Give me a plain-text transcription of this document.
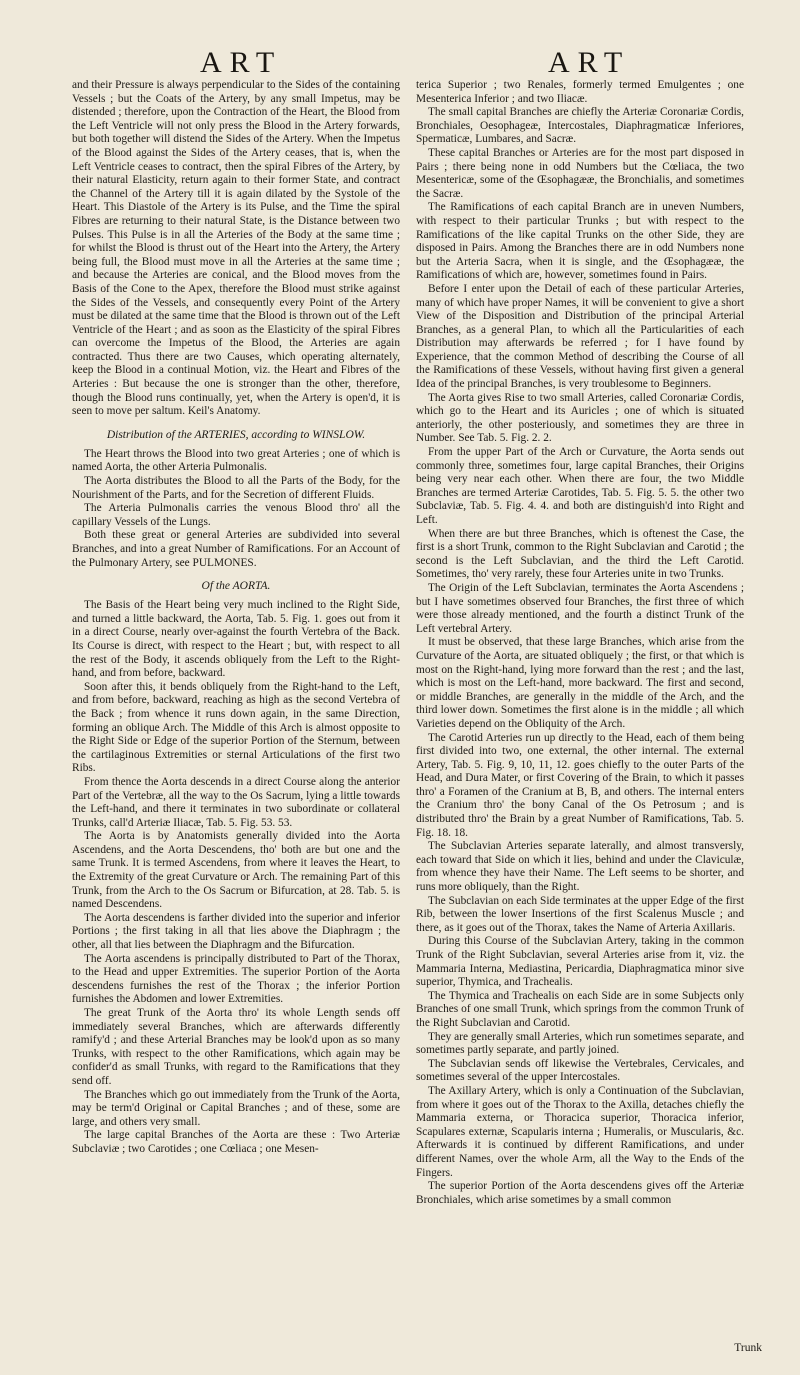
ART	ART

and their Pressure is always perpendicular to the Sides of the containing Vessels ; but the Coats of the Artery, by any small Impetus, may be distended ; therefore, upon the Contraction of the Heart, the Blood from the Left Ventricle will not only press the Blood in the Artery forwards, but both together will distend the Sides of the Artery. When the Impetus of the Blood against the Sides of the Artery ceases, that is, when the Left Ventricle ceases to contract, then the spiral Fibres of the Artery, by their natural Elasticity, return again to their former State, and contract the Channel of the Artery till it is again dilated by the Systole of the Heart. This Diastole of the Artery is its Pulse, and the Time the spiral Fibres are returning to their natural State, is the Distance between two Pulses. This Pulse is in all the Arteries of the Body at the same time ; for whilst the Blood is thrust out of the Heart into the Artery, the Artery being full, the Blood must move in all the Arteries at the same time ; and because the Arteries are conical, and the Blood moves from the Basis of the Cone to the Apex, therefore the Blood must strike against the Sides of the Vessels, and consequently every Point of the Artery must be dilated at the same time that the Blood is thrown out of the Left Ventricle of the Heart ; and as soon as the Elasticity of the spiral Fibres can overcome the Impetus of the Blood, the Arteries are again contracted. Thus there are two Causes, which operating alternately, keep the Blood in a continual Motion, viz. the Heart and Fibres of the Arteries : But because the one is stronger than the other, therefore, though the Blood runs continually, yet, when the Artery is open'd, it is seen to move per saltum. Keil's Anatomy.

Distribution of the ARTERIES, according to WINSLOW.

The Heart throws the Blood into two great Arteries ; one of which is named Aorta, the other Arteria Pulmonalis.

The Aorta distributes the Blood to all the Parts of the Body, for the Nourishment of the Parts, and for the Secretion of different Fluids.

The Arteria Pulmonalis carries the venous Blood thro' all the capillary Vessels of the Lungs.

Both these great or general Arteries are subdivided into several Branches, and into a great Number of Ramifications. For an Account of the Pulmonary Artery, see PULMONES.

Of the AORTA.

The Basis of the Heart being very much inclined to the Right Side, and turned a little backward, the Aorta, Tab. 5. Fig. 1. goes out from it in a direct Course, nearly over-against the fourth Vertebra of the Back. Its Course is direct, with respect to the Heart ; but, with respect to all the rest of the Body, it ascends obliquely from the Left to the Right-hand, and from before, backward.

Soon after this, it bends obliquely from the Right-hand to the Left, and from before, backward, reaching as high as the second Vertebra of the Back ; from whence it runs down again, in the same Direction, forming an oblique Arch. The Middle of this Arch is almost opposite to the Right Side or Edge of the superior Portion of the Sternum, between the cartilaginous Extremities or sternal Articulations of the first two Ribs.

From thence the Aorta descends in a direct Course along the anterior Part of the Vertebræ, all the way to the Os Sacrum, lying a little towards the Left-hand, and there it terminates in two subordinate or collateral Trunks, call'd Arteriæ Iliacæ, Tab. 5. Fig. 53. 53.

The Aorta is by Anatomists generally divided into the Aorta Ascendens, and the Aorta Descendens, tho' both are but one and the same Trunk. It is termed Ascendens, from where it leaves the Heart, to the Extremity of the great Curvature or Arch. The remaining Part of this Trunk, from the Arch to the Os Sacrum or Bifurcation, at 28. Tab. 5. is named Descendens.

The Aorta descendens is farther divided into the superior and inferior Portions ; the first taking in all that lies above the Diaphragm ; the other, all that lies between the Diaphragm and the Bifurcation.

The Aorta ascendens is principally distributed to Part of the Thorax, to the Head and upper Extremities. The superior Portion of the Aorta descendens furnishes the rest of the Thorax ; the inferior Portion furnishes the Abdomen and lower Extremities.

The great Trunk of the Aorta thro' its whole Length sends off immediately several Branches, which are afterwards differently ramify'd ; and these Arterial Branches may be look'd upon as so many Trunks, with respect to the other Ramifications, which again may be confider'd as small Trunks, with regard to the Ramifications that they send off.

The Branches which go out immediately from the Trunk of the Aorta, may be term'd Original or Capital Branches ; and of these, some are large, and others very small.

The large capital Branches of the Aorta are these : Two Arteriæ Subclaviæ ; two Carotides ; one Cœliaca ; one Mesen-

terica Superior ; two Renales, formerly termed Emulgentes ; one Mesenterica Inferior ; and two Iliacæ.

The small capital Branches are chiefly the Arteriæ Coronariæ Cordis, Bronchiales, Oesophageæ, Intercostales, Diaphragmaticæ Inferiores, Spermaticæ, Lumbares, and Sacræ.

These capital Branches or Arteries are for the most part disposed in Pairs ; there being none in odd Numbers but the Cœliaca, the two Mesentericæ, some of the Œsophagææ, the Bronchialis, and sometimes the Sacræ.

The Ramifications of each capital Branch are in uneven Numbers, with respect to their particular Trunks ; but with respect to the Ramifications of the like capital Trunks on the other Side, they are disposed in Pairs. Among the Branches there are in odd Numbers none but the Arteria Sacra, when it is single, and the Œsophagææ, the Ramifications of which are, however, sometimes found in Pairs.

Before I enter upon the Detail of each of these particular Arteries, many of which have proper Names, it will be convenient to give a short View of the Disposition and Distribution of the principal Arterial Branches, as a general Plan, to which all the Particularities of each Distribution may afterwards be referred ; for I have found by Experience, that the common Method of describing the Course of all the Ramifications of these Vessels, without having first given a general Idea of the principal Branches, is very troublesome to Beginners.

The Aorta gives Rise to two small Arteries, called Coronariæ Cordis, which go to the Heart and its Auricles ; one of which is situated anteriorly, the other posteriously, and sometimes they are three in Number. See Tab. 5. Fig. 2. 2.

From the upper Part of the Arch or Curvature, the Aorta sends out commonly three, sometimes four, large capital Branches, their Origins being very near each other. When there are four, the two Middle Branches are termed Arteriæ Carotides, Tab. 5. Fig. 5. 5. the other two Subclaviæ, Tab. 5. Fig. 4. 4. and both are distinguish'd into Right and Left.

When there are but three Branches, which is oftenest the Case, the first is a short Trunk, common to the Right Subclavian and Carotid ; the second is the Left Subclavian, and the third the Left Carotid. Sometimes, tho' very rarely, these four Arteries unite in two Trunks.

The Origin of the Left Subclavian, terminates the Aorta Ascendens ; but I have sometimes observed four Branches, the first three of which were those already mentioned, and the fourth a distinct Trunk of the Left vertebral Artery.

It must be observed, that these large Branches, which arise from the Curvature of the Aorta, are situated obliquely ; the first, or that which is most on the Right-hand, lying more forward than the rest ; and the last, which is most on the Left-hand, more backward. The first and second, or middle Branches, are generally in the middle of the Arch, and the third lower down. Sometimes the first alone is in the middle ; all which Varieties depend on the Obliquity of the Arch.

The Carotid Arteries run up directly to the Head, each of them being first divided into two, one external, the other internal. The external Artery, Tab. 5. Fig. 9, 10, 11, 12. goes chiefly to the outer Parts of the Head, and Dura Mater, or first Covering of the Brain, to which it passes thro' a Foramen of the Cranium at B, B, and others. The internal enters the Cranium thro' the bony Canal of the Os Petrosum ; and is distributed thro' the Brain by a great Number of Ramifications, Tab. 5. Fig. 18. 18.

The Subclavian Arteries separate laterally, and almost transversly, each toward that Side on which it lies, behind and under the Claviculæ, from whence they have their Name. The Left seems to be shorter, and runs more obliquely, than the Right.

The Subclavian on each Side terminates at the upper Edge of the first Rib, between the lower Insertions of the first Scalenus Muscle ; and there, as it goes out of the Thorax, takes the Name of Arteria Axillaris.

During this Course of the Subclavian Artery, taking in the common Trunk of the Right Subclavian, several Arteries arise from it, viz. the Mammaria Interna, Mediastina, Pericardia, Diaphragmatica minor sive superior, Thymica, and Trachealis.

The Thymica and Trachealis on each Side are in some Subjects only Branches of one small Trunk, which springs from the common Trunk of the Right Subclavian and Carotid.

They are generally small Arteries, which run sometimes separate, and sometimes partly separate, and partly joined.

The Subclavian sends off likewise the Vertebrales, Cervicales, and sometimes several of the upper Intercostales.

The Axillary Artery, which is only a Continuation of the Subclavian, from where it goes out of the Thorax to the Axilla, detaches chiefly the Mammaria externa, or Thoracica superior, Thoracica inferior, Scapulares externæ, Scapularis interna ; Humeralis, or Muscularis, &c. Afterwards it is continued by different Ramifications, and under different Names, over the whole Arm, all the Way to the Ends of the Fingers.

The superior Portion of the Aorta descendens gives off the Arteriæ Bronchiales, which arise sometimes by a small common

Trunk
